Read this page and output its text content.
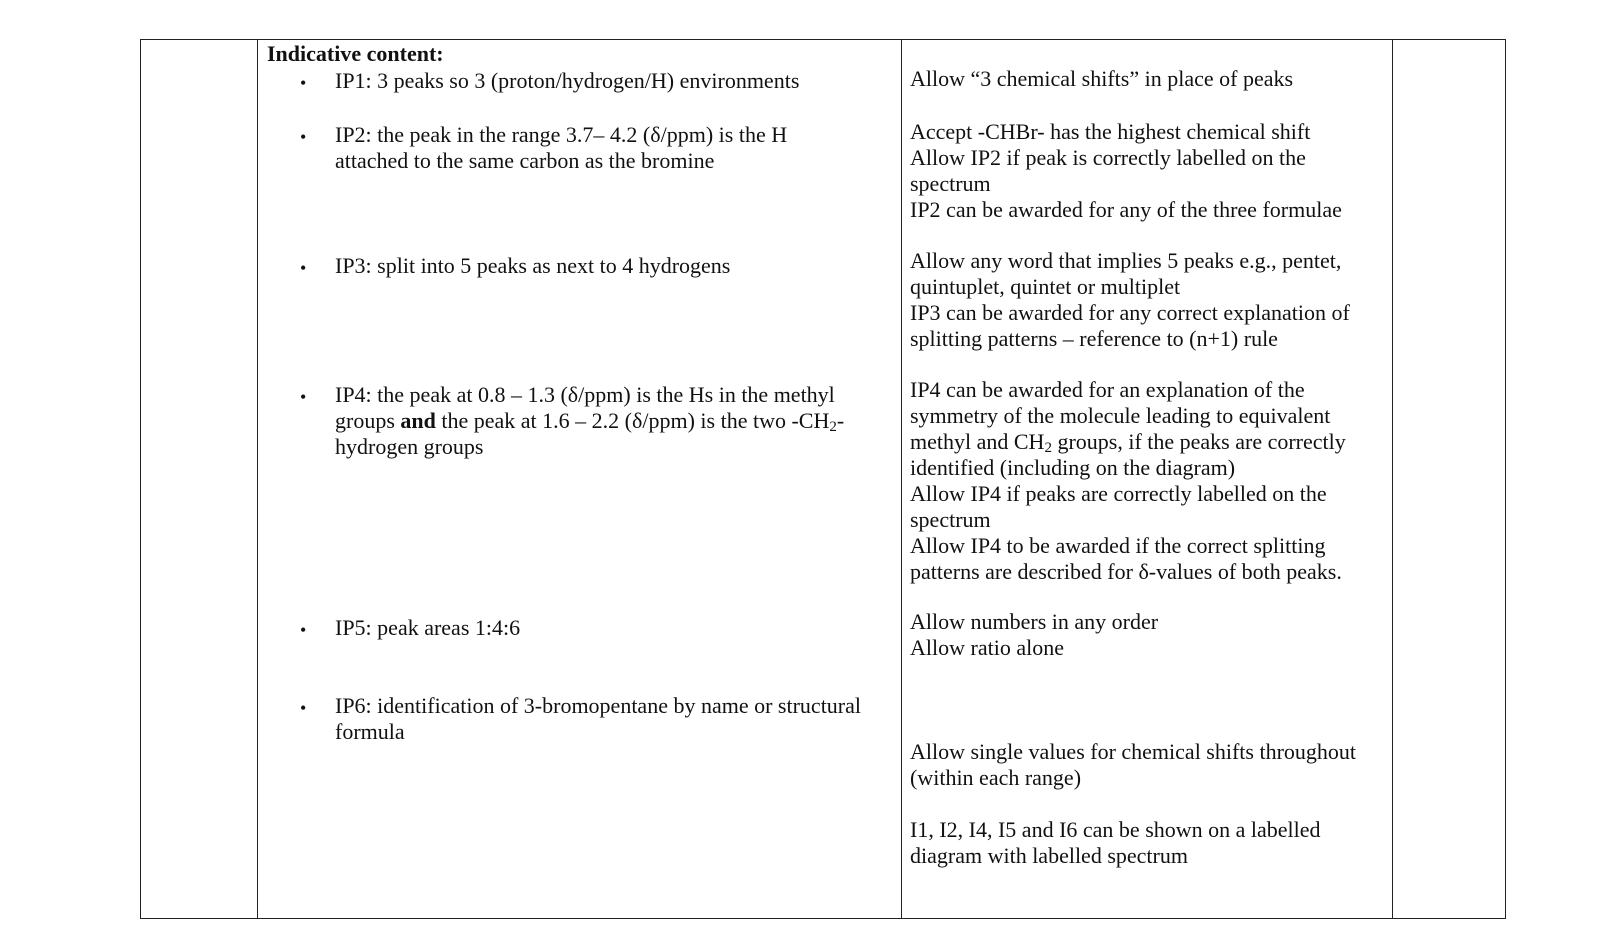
Indicative content:
•
•
•
•
•
•
IP1: 3 peaks so 3 (proton/hydrogen/H) environments
IP2: the peak in the range 3.7– 4.2 (δ/ppm) is the H
attached to the same carbon as the bromine
IP3: split into 5 peaks as next to 4 hydrogens
IP4: the peak at 0.8 – 1.3 (δ/ppm) is the Hs in the methyl
groups and the peak at 1.6 – 2.2 (δ/ppm) is the two $-CH_2-$
hydrogen groups
IP5: peak areas 1:4:6
IP6: identification of 3-bromopentane by name or structural
formula
Allow “3 chemical shifts” in place of peaks
Accept -CHBr- has the highest chemical shift
Allow IP2 if peak is correctly labelled on the
spectrum
IP2 can be awarded for any of the three formulae
Allow any word that implies 5 peaks e.g., pentet,
quintuplet, quintet or multiplet
IP3 can be awarded for any correct explanation of
splitting patterns – reference to (n+1) rule
IP4 can be awarded for an explanation of the
symmetry of the molecule leading to equivalent
methyl and $CH_2$ groups, if the peaks are correctly
identified (including on the diagram)
Allow IP4 if peaks are correctly labelled on the
spectrum
Allow IP4 to be awarded if the correct splitting
patterns are described for δ-values of both peaks.
Allow numbers in any order
Allow ratio alone
Allow single values for chemical shifts throughout
(within each range)
I1, I2, I4, I5 and I6 can be shown on a labelled
diagram with labelled spectrum
